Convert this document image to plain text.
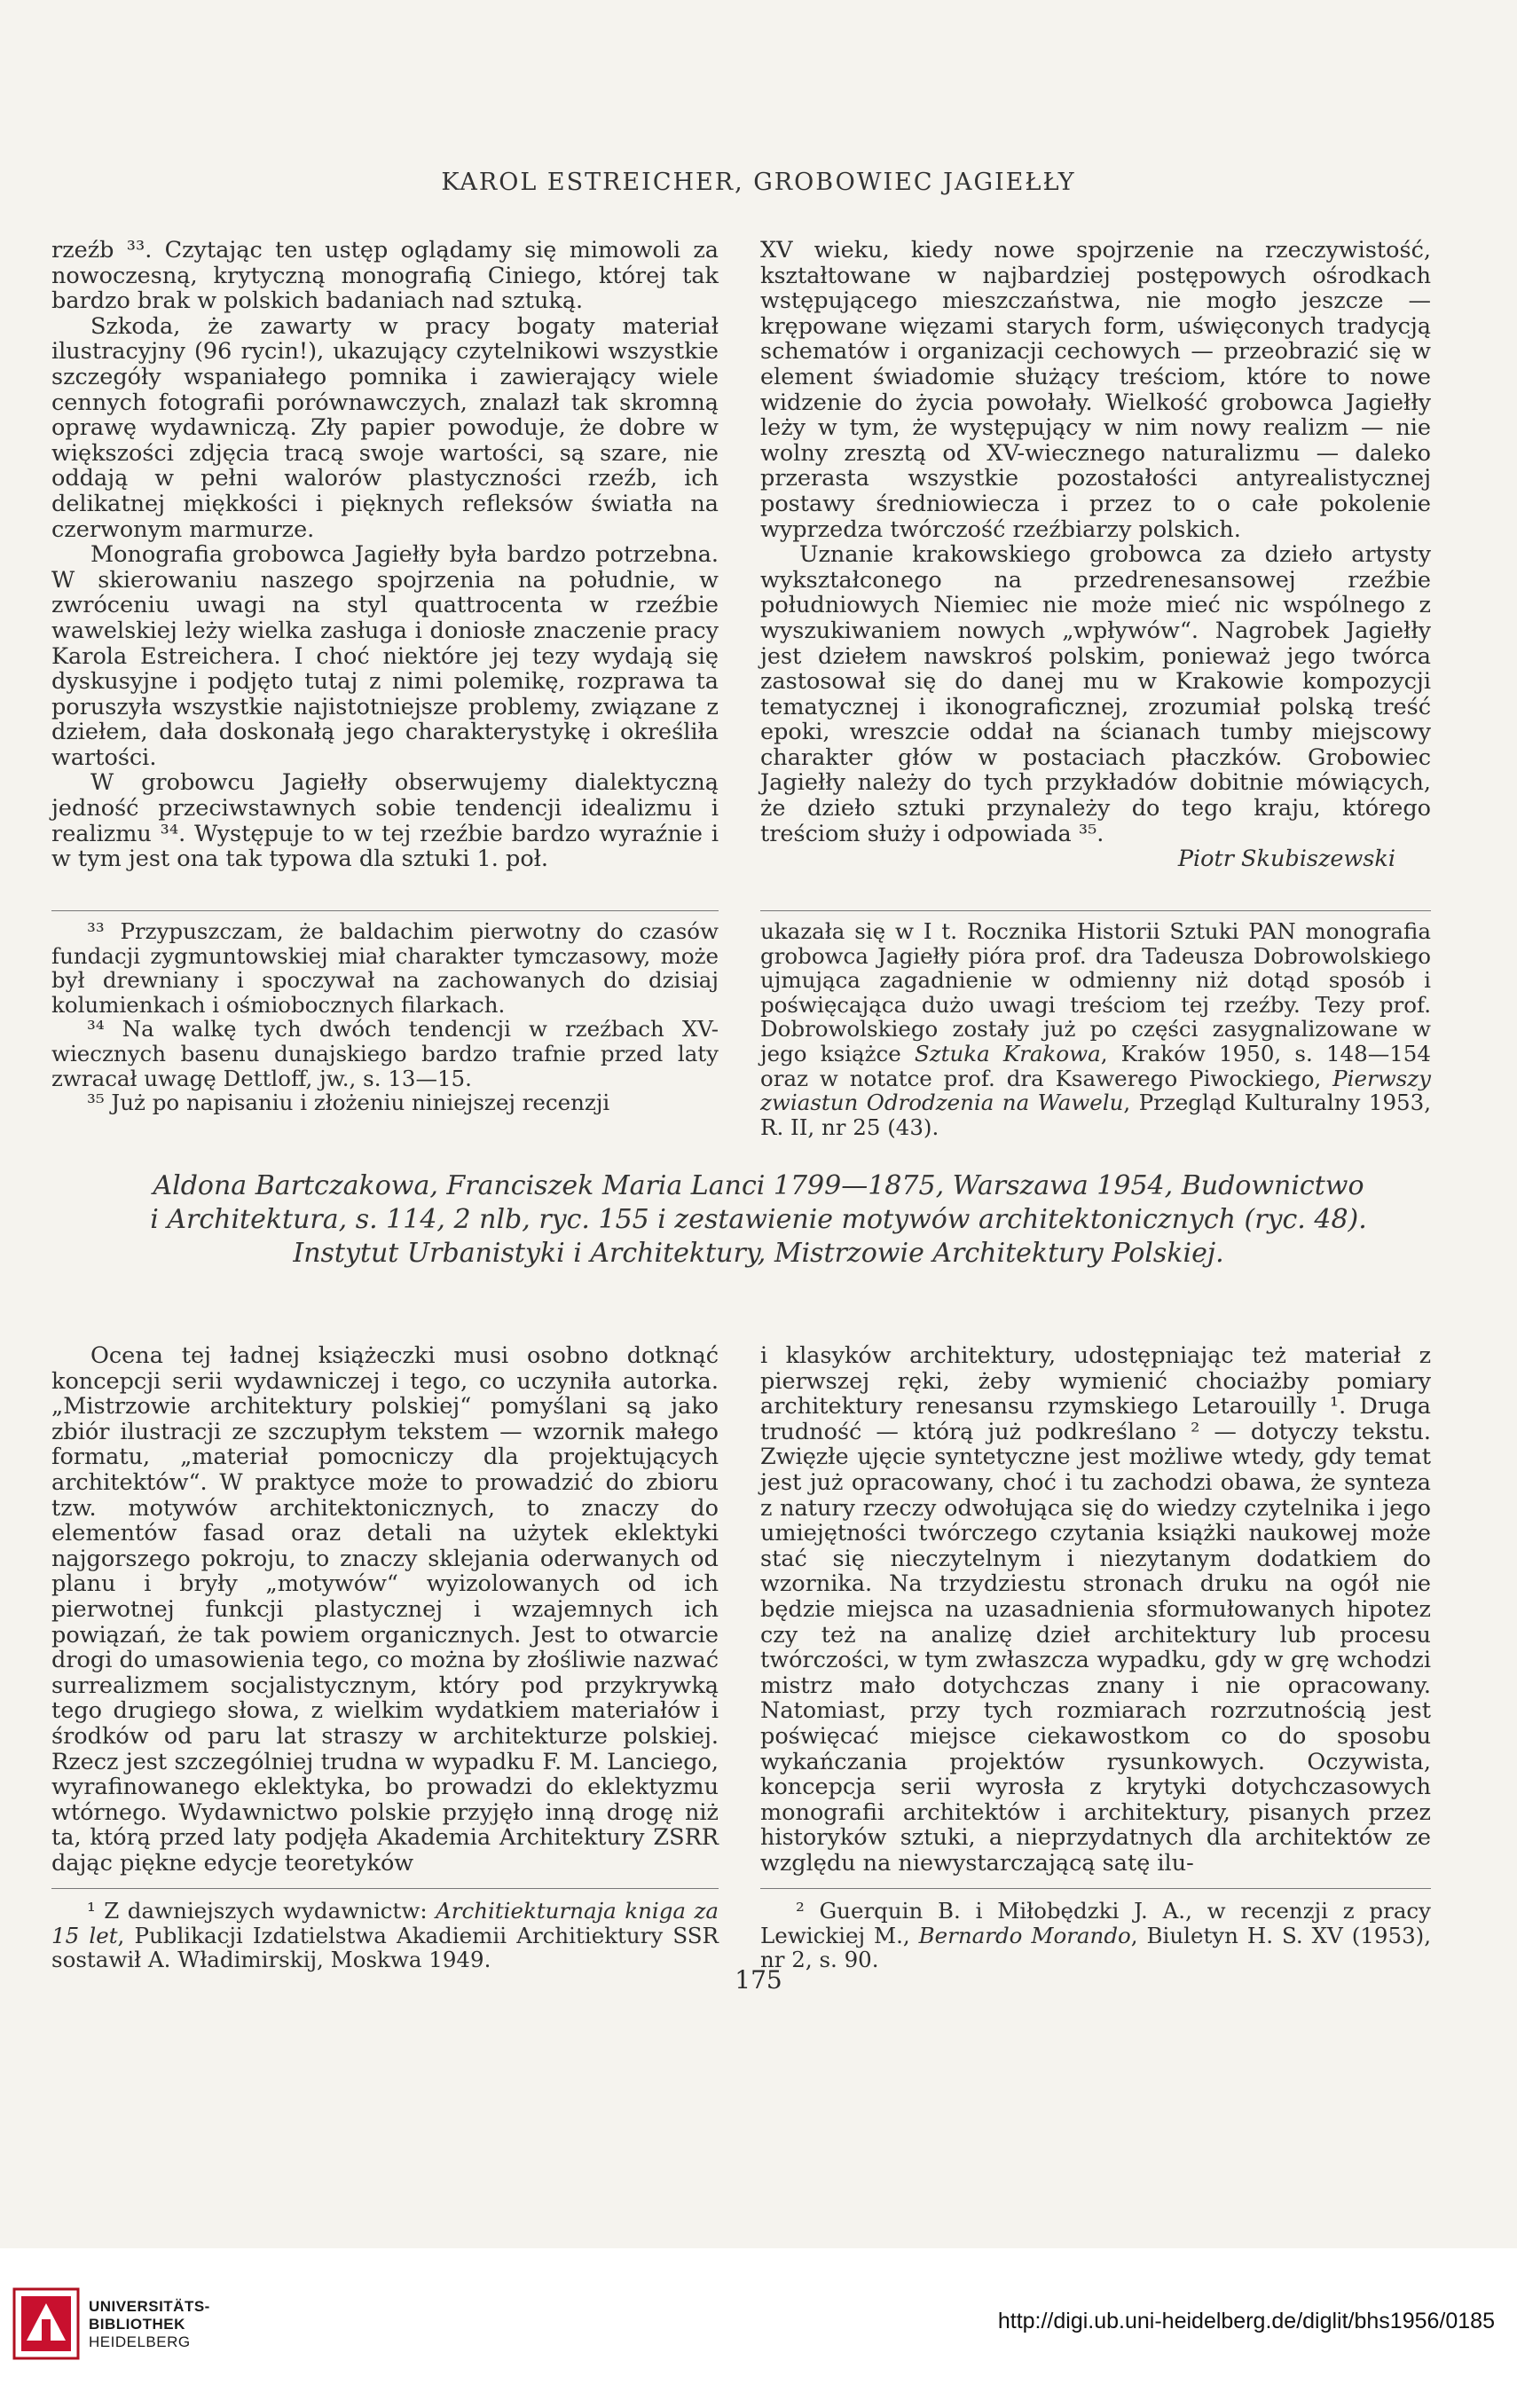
KAROL ESTREICHER, GROBOWIEC JAGIEŁŁY

rzeźb ³³. Czytając ten ustęp oglądamy się mimowoli za nowoczesną, krytyczną monografią Ciniego, której tak bardzo brak w polskich badaniach nad sztuką.

Szkoda, że zawarty w pracy bogaty materiał ilustracyjny (96 rycin!), ukazujący czytelnikowi wszystkie szczegóły wspaniałego pomnika i zawierający wiele cennych fotografii porównawczych, znalazł tak skromną oprawę wydawniczą. Zły papier powoduje, że dobre w większości zdjęcia tracą swoje wartości, są szare, nie oddają w pełni walorów plastyczności rzeźb, ich delikatnej miękkości i pięknych refleksów światła na czerwonym marmurze.

Monografia grobowca Jagiełły była bardzo potrzebna. W skierowaniu naszego spojrzenia na południe, w zwróceniu uwagi na styl quattrocenta w rzeźbie wawelskiej leży wielka zasługa i doniosłe znaczenie pracy Karola Estreichera. I choć niektóre jej tezy wydają się dyskusyjne i podjęto tutaj z nimi polemikę, rozprawa ta poruszyła wszystkie najistotniejsze problemy, związane z dziełem, dała doskonałą jego charakterystykę i określiła wartości.

W grobowcu Jagiełły obserwujemy dialektyczną jedność przeciwstawnych sobie tendencji idealizmu i realizmu ³⁴. Występuje to w tej rzeźbie bardzo wyraźnie i w tym jest ona tak typowa dla sztuki 1. poł.

XV wieku, kiedy nowe spojrzenie na rzeczywistość, kształtowane w najbardziej postępowych ośrodkach wstępującego mieszczaństwa, nie mogło jeszcze — krępowane więzami starych form, uświęconych tradycją schematów i organizacji cechowych — przeobrazić się w element świadomie służący treściom, które to nowe widzenie do życia powołały. Wielkość grobowca Jagiełły leży w tym, że występujący w nim nowy realizm — nie wolny zresztą od XV-wiecznego naturalizmu — daleko przerasta wszystkie pozostałości antyrealistycznej postawy średniowiecza i przez to o całe pokolenie wyprzedza twórczość rzeźbiarzy polskich.

Uznanie krakowskiego grobowca za dzieło artysty wykształconego na przedrenesansowej rzeźbie południowych Niemiec nie może mieć nic wspólnego z wyszukiwaniem nowych „wpływów“. Nagrobek Jagiełły jest dziełem nawskroś polskim, ponieważ jego twórca zastosował się do danej mu w Krakowie kompozycji tematycznej i ikonograficznej, zrozumiał polską treść epoki, wreszcie oddał na ścianach tumby miejscowy charakter głów w postaciach płaczków. Grobowiec Jagiełły należy do tych przykładów dobitnie mówiących, że dzieło sztuki przynależy do tego kraju, którego treściom służy i odpowiada ³⁵.

Piotr Skubiszewski

³³ Przypuszczam, że baldachim pierwotny do czasów fundacji zygmuntowskiej miał charakter tymczasowy, może był drewniany i spoczywał na zachowanych do dzisiaj kolumienkach i ośmiobocznych filarkach.

³⁴ Na walkę tych dwóch tendencji w rzeźbach XV-wiecznych basenu dunajskiego bardzo trafnie przed laty zwracał uwagę Dettloff, jw., s. 13—15.

³⁵ Już po napisaniu i złożeniu niniejszej recenzji

ukazała się w I t. Rocznika Historii Sztuki PAN monografia grobowca Jagiełły pióra prof. dra Tadeusza Dobrowolskiego ujmująca zagadnienie w odmienny niż dotąd sposób i poświęcająca dużo uwagi treściom tej rzeźby. Tezy prof. Dobrowolskiego zostały już po części zasygnalizowane w jego książce Sztuka Krakowa, Kraków 1950, s. 148—154 oraz w notatce prof. dra Ksawerego Piwockiego, Pierwszy zwiastun Odrodzenia na Wawelu, Przegląd Kulturalny 1953, R. II, nr 25 (43).

Aldona Bartczakowa, Franciszek Maria Lanci 1799—1875, Warszawa 1954, Budownictwo
i Architektura, s. 114, 2 nlb, ryc. 155 i zestawienie motywów architektonicznych (ryc. 48).
Instytut Urbanistyki i Architektury, Mistrzowie Architektury Polskiej.

Ocena tej ładnej książeczki musi osobno dotknąć koncepcji serii wydawniczej i tego, co uczyniła autorka. „Mistrzowie architektury polskiej“ pomyślani są jako zbiór ilustracji ze szczupłym tekstem — wzornik małego formatu, „materiał pomocniczy dla projektujących architektów“. W praktyce może to prowadzić do zbioru tzw. motywów architektonicznych, to znaczy do elementów fasad oraz detali na użytek eklektyki najgorszego pokroju, to znaczy sklejania oderwanych od planu i bryły „motywów“ wyizolowanych od ich pierwotnej funkcji plastycznej i wzajemnych ich powiązań, że tak powiem organicznych. Jest to otwarcie drogi do umasowienia tego, co można by złośliwie nazwać surrealizmem socjalistycznym, który pod przykrywką tego drugiego słowa, z wielkim wydatkiem materiałów i środków od paru lat straszy w architekturze polskiej. Rzecz jest szczególniej trudna w wypadku F. M. Lanciego, wyrafinowanego eklektyka, bo prowadzi do eklektyzmu wtórnego. Wydawnictwo polskie przyjęło inną drogę niż ta, którą przed laty podjęła Akademia Architektury ZSRR dając piękne edycje teoretyków

i klasyków architektury, udostępniając też materiał z pierwszej ręki, żeby wymienić chociażby pomiary architektury renesansu rzymskiego Letarouilly ¹. Druga trudność — którą już podkreślano ² — dotyczy tekstu. Zwięzłe ujęcie syntetyczne jest możliwe wtedy, gdy temat jest już opracowany, choć i tu zachodzi obawa, że synteza z natury rzeczy odwołująca się do wiedzy czytelnika i jego umiejętności twórczego czytania książki naukowej może stać się nieczytelnym i niezytanym dodatkiem do wzornika. Na trzydziestu stronach druku na ogół nie będzie miejsca na uzasadnienia sformułowanych hipotez czy też na analizę dzieł architektury lub procesu twórczości, w tym zwłaszcza wypadku, gdy w grę wchodzi mistrz mało dotychczas znany i nie opracowany. Natomiast, przy tych rozmiarach rozrzutnością jest poświęcać miejsce ciekawostkom co do sposobu wykańczania projektów rysunkowych. Oczywista, koncepcja serii wyrosła z krytyki dotychczasowych monografii architektów i architektury, pisanych przez historyków sztuki, a nieprzydatnych dla architektów ze względu na niewystarczającą satę ilu-

¹ Z dawniejszych wydawnictw: Architiekturnaja kniga za 15 let, Publikacji Izdatielstwa Akadiemii Architiektury SSR sostawił A. Władimirskij, Moskwa 1949.

² Guerquin B. i Miłobędzki J. A., w recenzji z pracy Lewickiej M., Bernardo Morando, Biuletyn H. S. XV (1953), nr 2, s. 90.

175
UNIVERSITÄTS-
BIBLIOTHEK
HEIDELBERG
http://digi.ub.uni-heidelberg.de/diglit/bhs1956/0185
